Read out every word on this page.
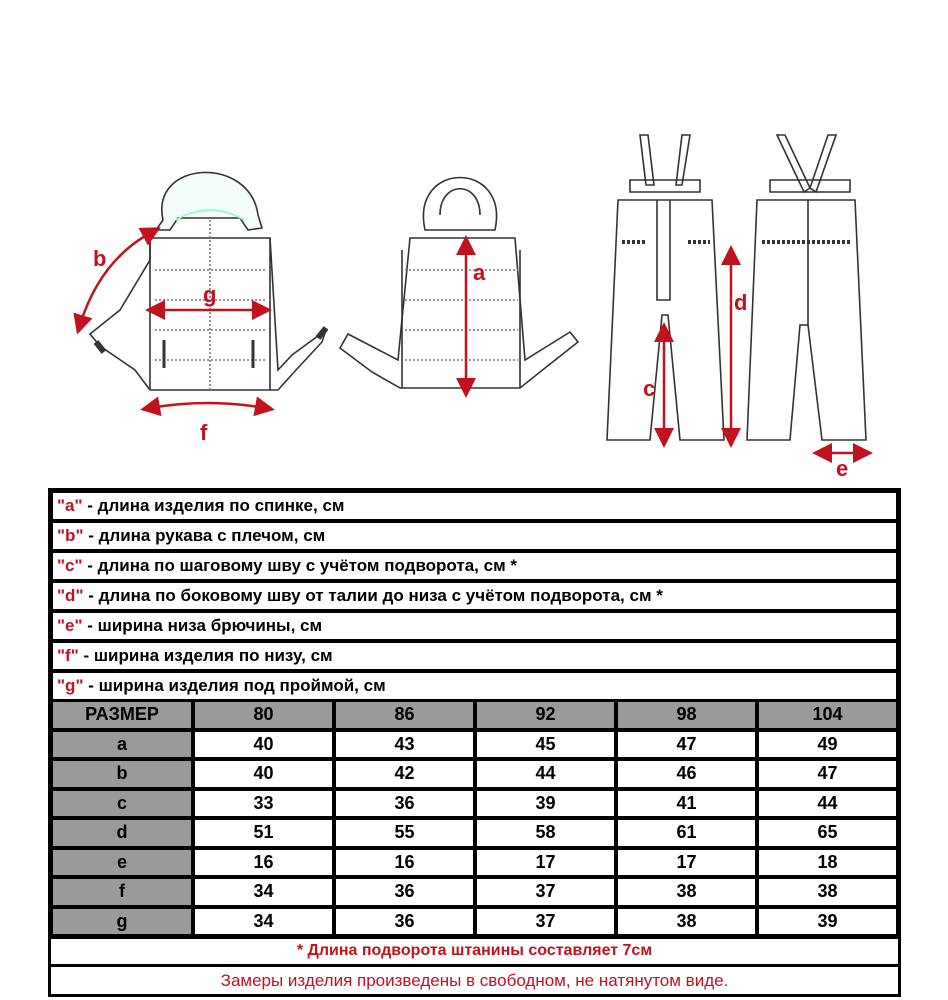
b
g
f
a
c
d
e
"a" - длина изделия по спинке, см
"b" - длина рукава с плечом, см
"c" - длина по шаговому шву с учётом подворота, см *
"d" - длина по боковому шву от талии до низа с учётом подворота, см *
"e" - ширина низа брючины, см
"f" - ширина изделия по низу, см
"g" - ширина изделия под проймой, см
РАЗМЕР	80	86	92	98	104
a	40	43	45	47	49
b	40	42	44	46	47
c	33	36	39	41	44
d	51	55	58	61	65
e	16	16	17	17	18
f	34	36	37	38	38
g	34	36	37	38	39
* Длина подворота штанины составляет 7см
Замеры изделия произведены в свободном, не натянутом виде.
